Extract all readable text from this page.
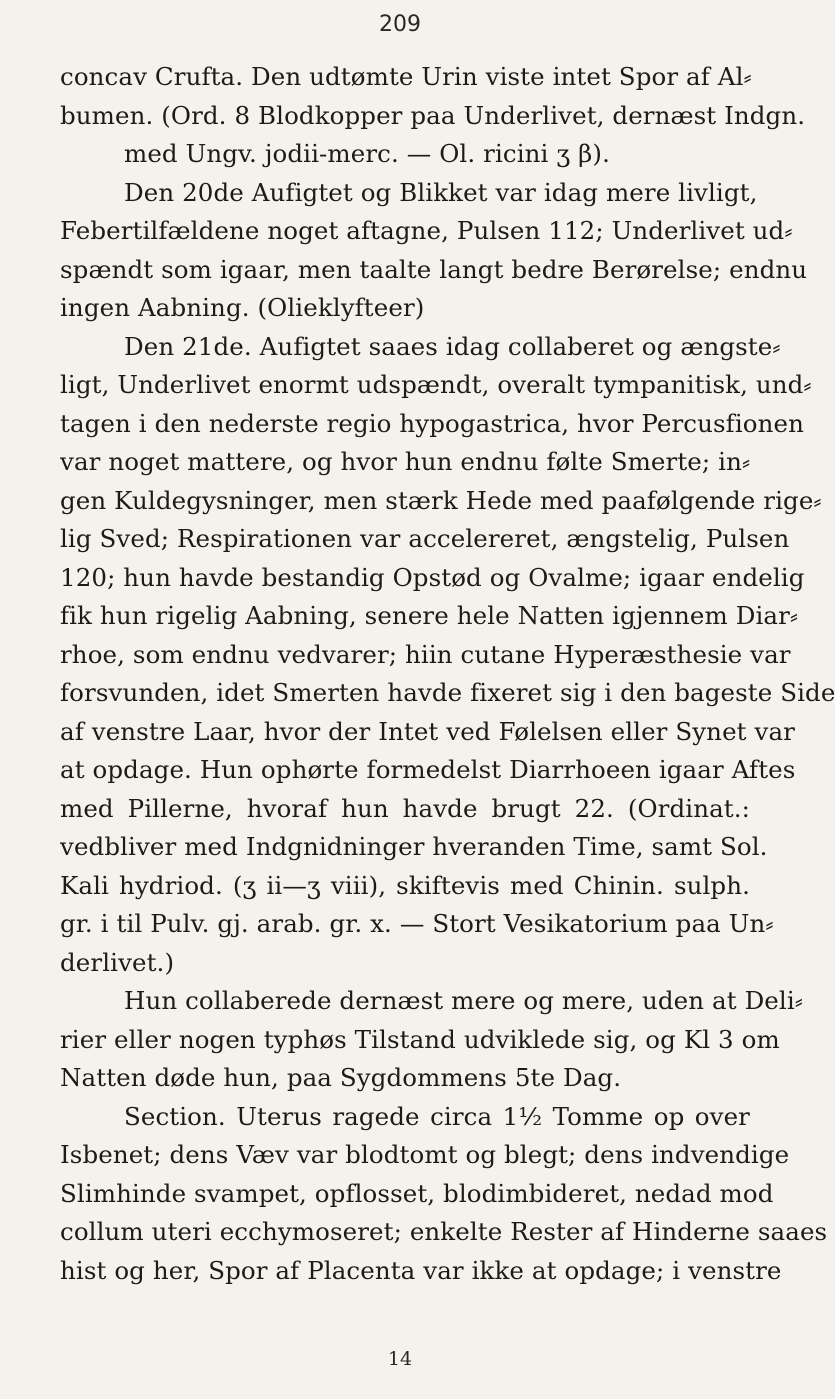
209
concav Crufta. Den udtømte Urin viste intet Spor af Al⸗
bumen. (Ord. 8 Blodkopper paa Underlivet, dernæst Indgn.
med Ungv. jodii-merc. — Ol. ricini ʒ β).
Den 20de Aufigtet og Blikket var idag mere livligt,
Febertilfældene noget aftagne, Pulsen 112; Underlivet ud⸗
spændt som igaar, men taalte langt bedre Berørelse; endnu
ingen Aabning. (Olieklyfteer)
Den 21de. Aufigtet saaes idag collaberet og ængste⸗
ligt, Underlivet enormt udspændt, overalt tympanitisk, und⸗
tagen i den nederste regio hypogastrica, hvor Percusfionen
var noget mattere, og hvor hun endnu følte Smerte; in⸗
gen Kuldegysninger, men stærk Hede med paafølgende rige⸗
lig Sved; Respirationen var accelereret, ængstelig, Pulsen
120; hun havde bestandig Opstød og Ovalme; igaar endelig
fik hun rigelig Aabning, senere hele Natten igjennem Diar⸗
rhoe, som endnu vedvarer; hiin cutane Hyperæsthesie var
forsvunden, idet Smerten havde fixeret sig i den bageste Side
af venstre Laar, hvor der Intet ved Følelsen eller Synet var
at opdage. Hun ophørte formedelst Diarrhoeen igaar Aftes
med Pillerne, hvoraf hun havde brugt 22. (Ordinat.:
vedbliver med Indgnidninger hveranden Time, samt Sol.
Kali hydriod. (ʒ ii—ʒ viii), skiftevis med Chinin. sulph.
gr. i til Pulv. gj. arab. gr. x. — Stort Vesikatorium paa Un⸗
derlivet.)
Hun collaberede dernæst mere og mere, uden at Deli⸗
rier eller nogen typhøs Tilstand udviklede sig, og Kl 3 om
Natten døde hun, paa Sygdommens 5te Dag.
Section. Uterus ragede circa 1½ Tomme op over
Isbenet; dens Væv var blodtomt og blegt; dens indvendige
Slimhinde svampet, opflosset, blodimbideret, nedad mod
collum uteri ecchymoseret; enkelte Rester af Hinderne saaes
hist og her, Spor af Placenta var ikke at opdage; i venstre
14
